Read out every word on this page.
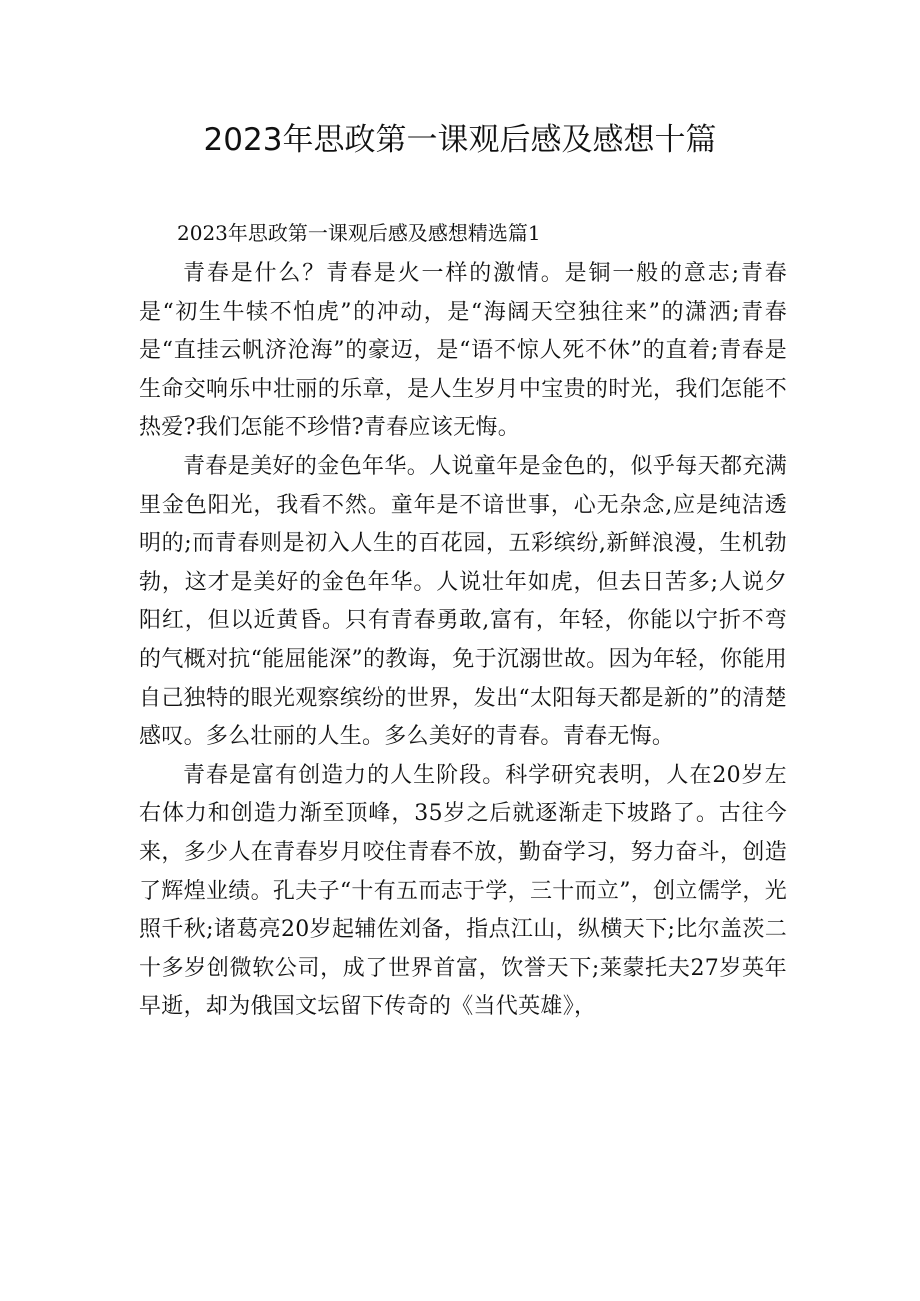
2023年思政第一课观后感及感想十篇

2023年思政第一课观后感及感想精选篇1

青春是什么？青春是火一样的激情。是铜一般的意志;青春是“初生牛犊不怕虎”的冲动，是“海阔天空独往来”的潇洒;青春是“直挂云帆济沧海”的豪迈，是“语不惊人死不休”的直着;青春是生命交响乐中壮丽的乐章，是人生岁月中宝贵的时光，我们怎能不热爱?我们怎能不珍惜?青春应该无悔。

青春是美好的金色年华。人说童年是金色的，似乎每天都充满里金色阳光，我看不然。童年是不谙世事，心无杂念,应是纯洁透明的;而青春则是初入人生的百花园，五彩缤纷,新鲜浪漫，生机勃勃，这才是美好的金色年华。人说壮年如虎，但去日苦多;人说夕阳红，但以近黄昏。只有青春勇敢,富有，年轻，你能以宁折不弯的气概对抗“能屈能深”的教诲，免于沉溺世故。因为年轻，你能用自己独特的眼光观察缤纷的世界，发出“太阳每天都是新的”的清楚感叹。多么壮丽的人生。多么美好的青春。青春无悔。

青春是富有创造力的人生阶段。科学研究表明，人在20岁左右体力和创造力渐至顶峰，35岁之后就逐渐走下坡路了。古往今来，多少人在青春岁月咬住青春不放，勤奋学习，努力奋斗，创造了辉煌业绩。孔夫子“十有五而志于学，三十而立”，创立儒学，光照千秋;诸葛亮20岁起辅佐刘备，指点江山，纵横天下;比尔盖茨二十多岁创微软公司，成了世界首富，饮誉天下;莱蒙托夫27岁英年早逝，却为俄国文坛留下传奇的《当代英雄》，
